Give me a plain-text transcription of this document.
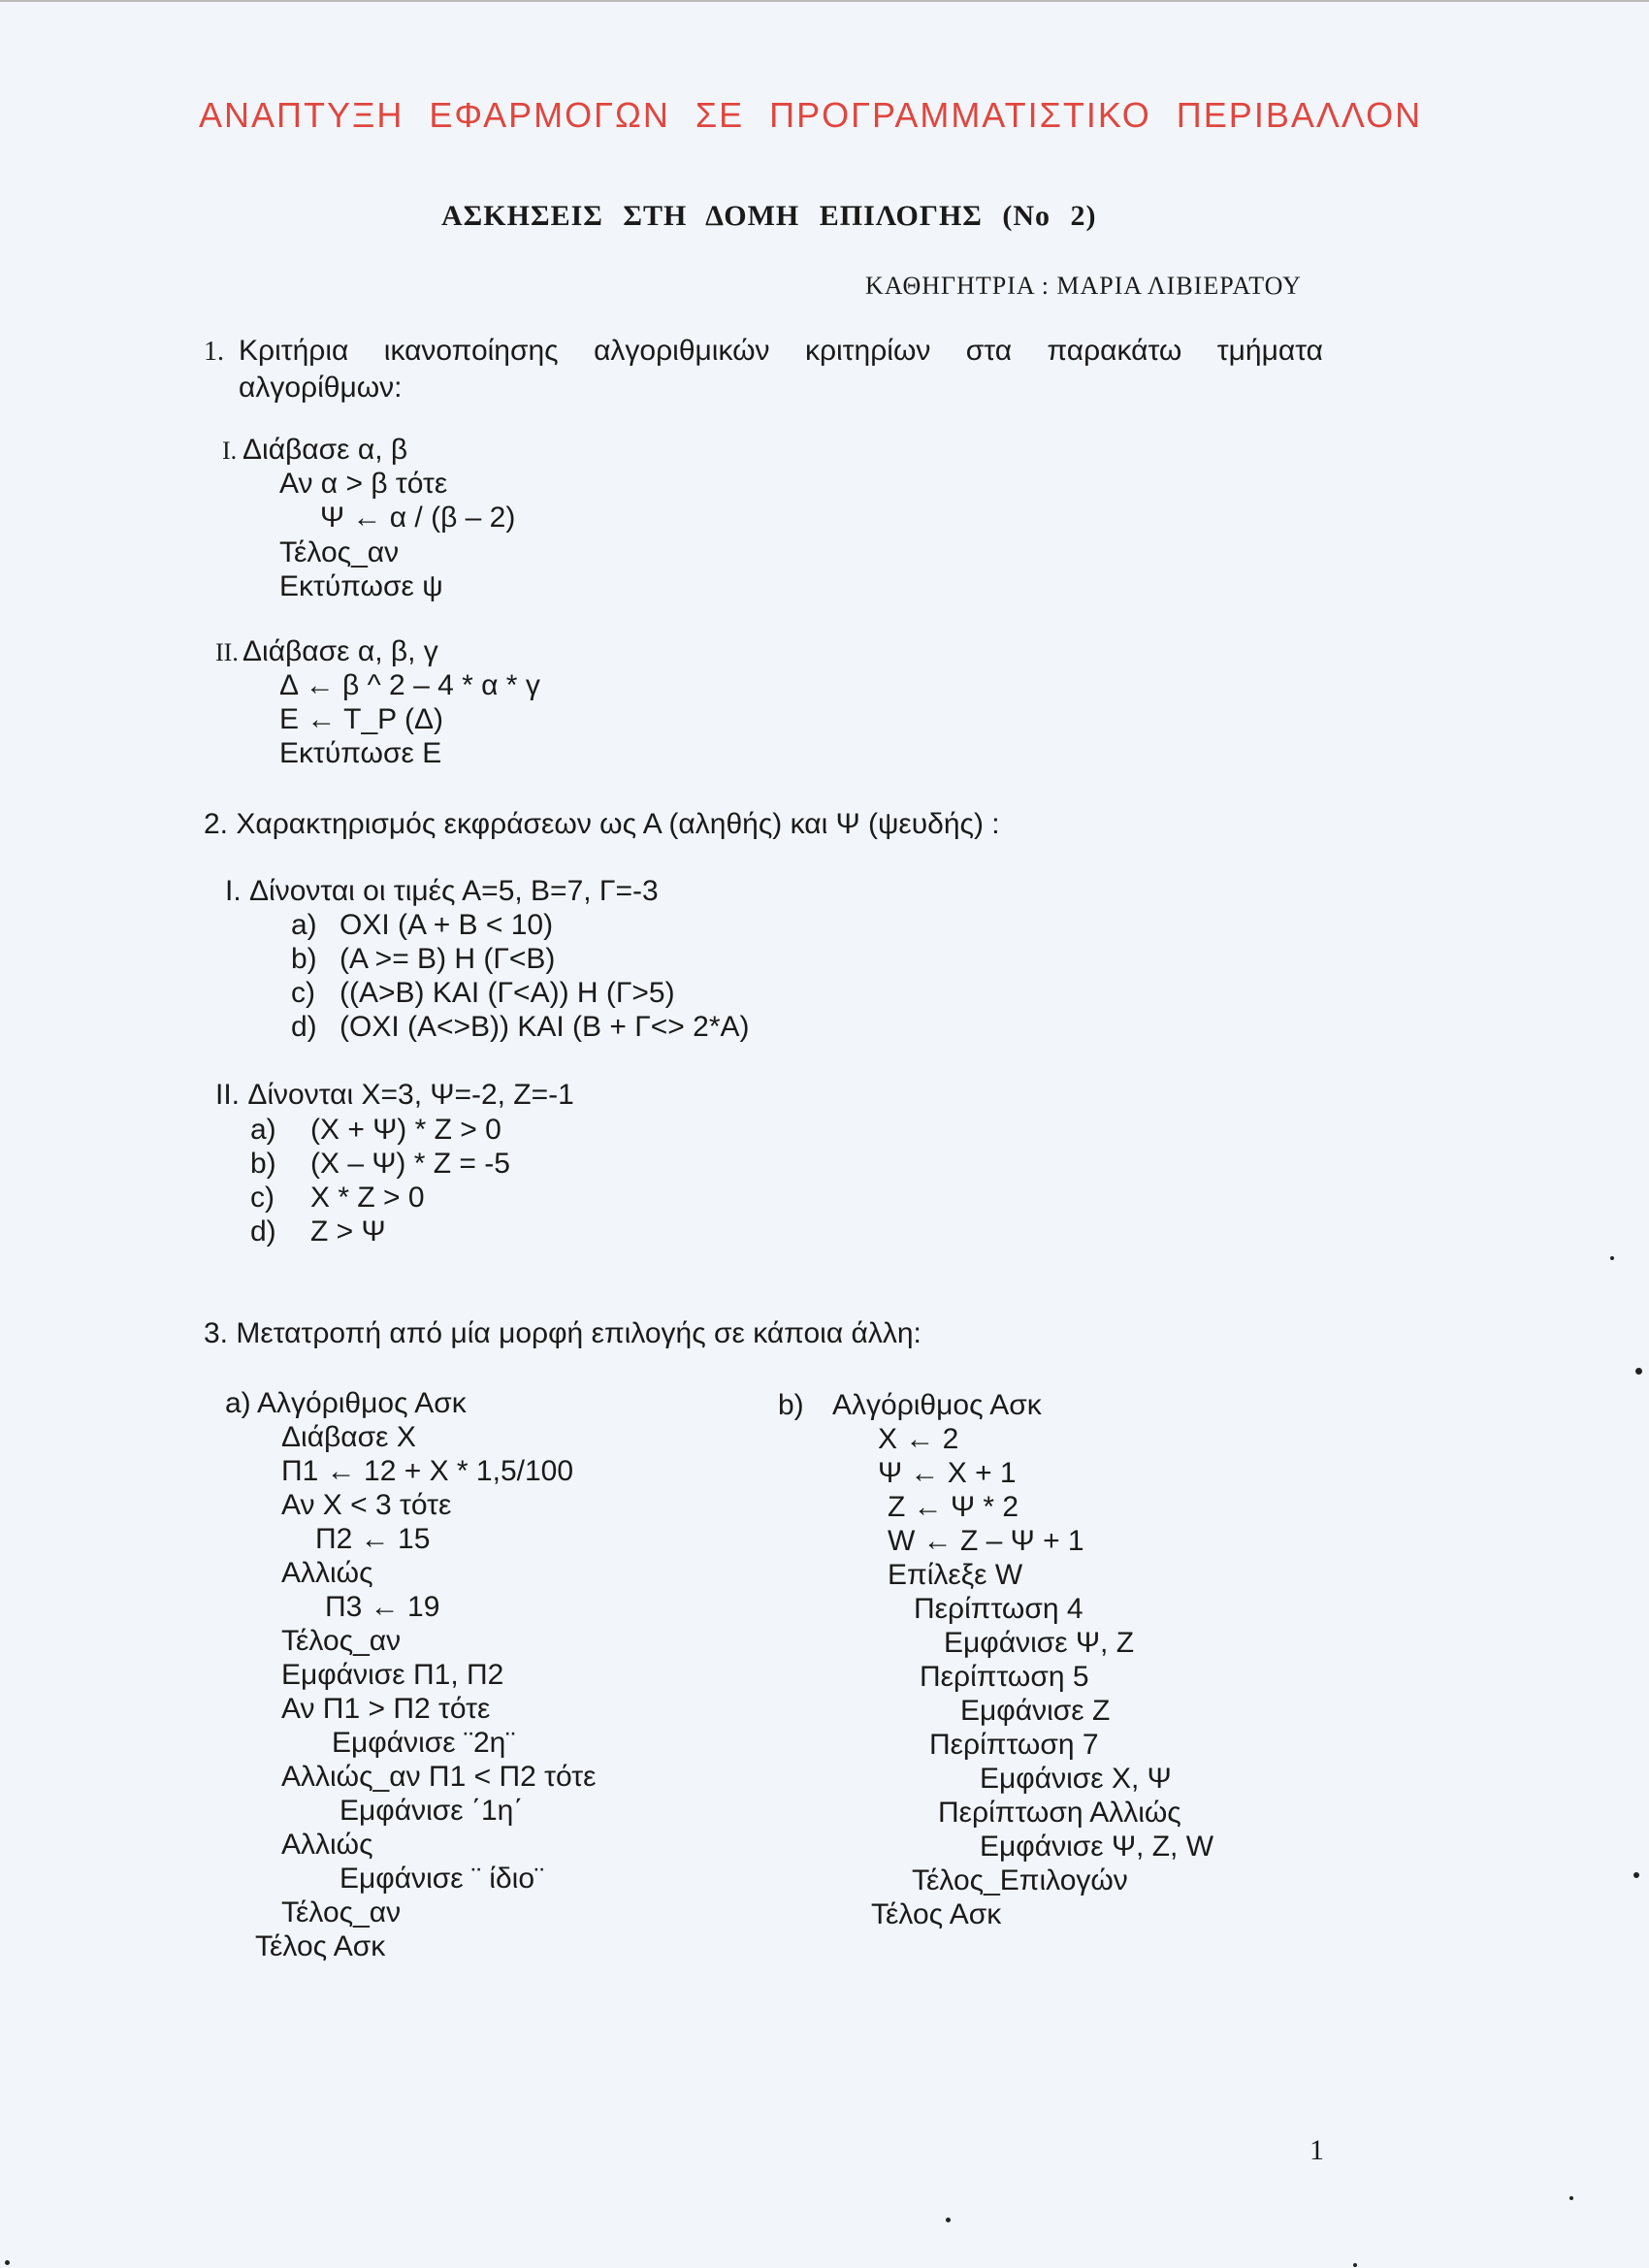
ΑΝΑΠΤΥΞΗ ΕΦΑΡΜΟΓΩΝ ΣΕ ΠΡΟΓΡΑΜΜΑΤΙΣΤΙΚΟ ΠΕΡΙΒΑΛΛΟΝ
ΑΣΚΗΣΕΙΣ ΣΤΗ ΔΟΜΗ ΕΠΙΛΟΓΗΣ (Νο 2)
ΚΑΘΗΓΗΤΡΙΑ : ΜΑΡΙΑ ΛΙΒΙΕΡΑΤΟΥ
1. Κριτήρια ικανοποίησης αλγοριθμικών κριτηρίων στα παρακάτω τμήματα
αλγορίθμων:
I. Διάβασε α, β
Αν α > β τότε
Ψ ← α / (β – 2)
Τέλος_αν
Εκτύπωσε ψ
II. Διάβασε α, β, γ
Δ ← β ^ 2 – 4 * α * γ
Ε ← Τ_Ρ (Δ)
Εκτύπωσε Ε
2. Χαρακτηρισμός εκφράσεων ως Α (αληθής) και Ψ (ψευδής) :
I. Δίνονται οι τιμές Α=5, Β=7, Γ=-3
a) ΟΧΙ (Α + Β < 10)
b) (Α >= Β) Η (Γ<Β)
c) ((Α>Β) ΚΑΙ (Γ<Α)) Η (Γ>5)
d) (ΟΧΙ (Α<>Β)) ΚΑΙ (Β + Γ<> 2*Α)
II. Δίνονται Χ=3, Ψ=-2, Ζ=-1
a) (Χ + Ψ) * Ζ > 0
b) (Χ – Ψ) * Ζ = -5
c) Χ * Ζ > 0
d) Ζ > Ψ
3. Μετατροπή από μία μορφή επιλογής σε κάποια άλλη:
a) Αλγόριθμος Ασκ
Διάβασε Χ
Π1 ← 12 + Χ * 1,5/100
Αν Χ < 3 τότε
Π2 ← 15
Αλλιώς
Π3 ← 19
Τέλος_αν
Εμφάνισε Π1, Π2
Αν Π1 > Π2 τότε
Εμφάνισε ¨2η¨
Αλλιώς_αν Π1 < Π2 τότε
Εμφάνισε ΄1η΄
Αλλιώς
Εμφάνισε ¨ ίδιο¨
Τέλος_αν
Τέλος Ασκ
b) Αλγόριθμος Ασκ
Χ ← 2
Ψ ← Χ + 1
Ζ ← Ψ * 2
W ← Ζ – Ψ + 1
Επίλεξε W
Περίπτωση 4
Εμφάνισε Ψ, Ζ
Περίπτωση 5
Εμφάνισε Ζ
Περίπτωση 7
Εμφάνισε Χ, Ψ
Περίπτωση Αλλιώς
Εμφάνισε Ψ, Ζ, W
Τέλος_Επιλογών
Τέλος Ασκ
1
